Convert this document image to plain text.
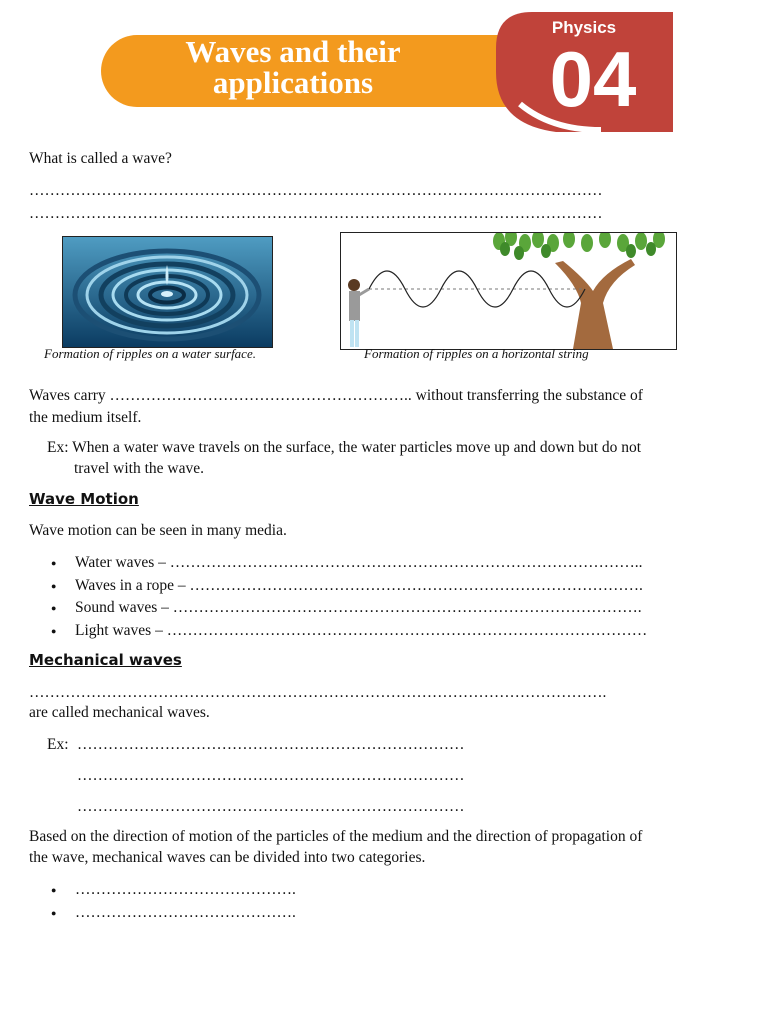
Waves and their
applications
Physics
04
What is called a wave?
…………………………………………………………………………………………………
…………………………………………………………………………………………………
Formation of ripples on a water surface.	Formation of ripples on a horizontal string
Waves carry ………………………………………………….. without transferring the substance of
the medium itself.
Ex: When a water wave travels on the surface, the water particles move up and down but do not
travel with the wave.
Wave Motion
Wave motion can be seen in many media.
● Water waves – ………………………………………………………………………………..
● Waves in a rope – …………………………………………………………………………….
● Sound waves – ……………………………………………………………………………….
● Light waves – …………………………………………………………………………………
Mechanical waves
………………………………………………………………………………………………….
are called mechanical waves.
Ex: …………………………………………………………………
…………………………………………………………………
…………………………………………………………………
Based on the direction of motion of the particles of the medium and the direction of propagation of
the wave, mechanical waves can be divided into two categories.
● …………………………………….
● …………………………………….
